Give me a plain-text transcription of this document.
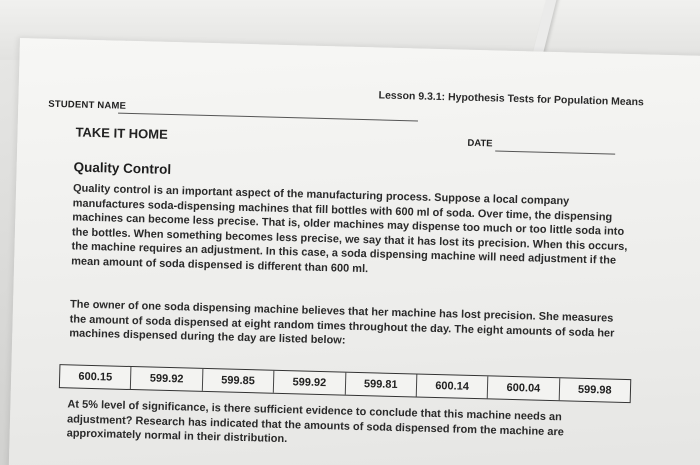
Lesson 9.3.1: Hypothesis Tests for Population Means
STUDENT NAME
DATE
TAKE IT HOME
Quality Control
Quality control is an important aspect of the manufacturing process. Suppose a local company manufactures soda-dispensing machines that fill bottles with 600 ml of soda. Over time, the dispensing machines can become less precise. That is, older machines may dispense too much or too little soda into the bottles. When something becomes less precise, we say that it has lost its precision. When this occurs, the machine requires an adjustment. In this case, a soda dispensing machine will need adjustment if the mean amount of soda dispensed is different than 600 ml.
The owner of one soda dispensing machine believes that her machine has lost precision. She measures the amount of soda dispensed at eight random times throughout the day. The eight amounts of soda her machines dispensed during the day are listed below:
600.15	599.92	599.85	599.92	599.81	600.14	600.04	599.98
At 5% level of significance, is there sufficient evidence to conclude that this machine needs an adjustment? Research has indicated that the amounts of soda dispensed from the machine are approximately normal in their distribution.
